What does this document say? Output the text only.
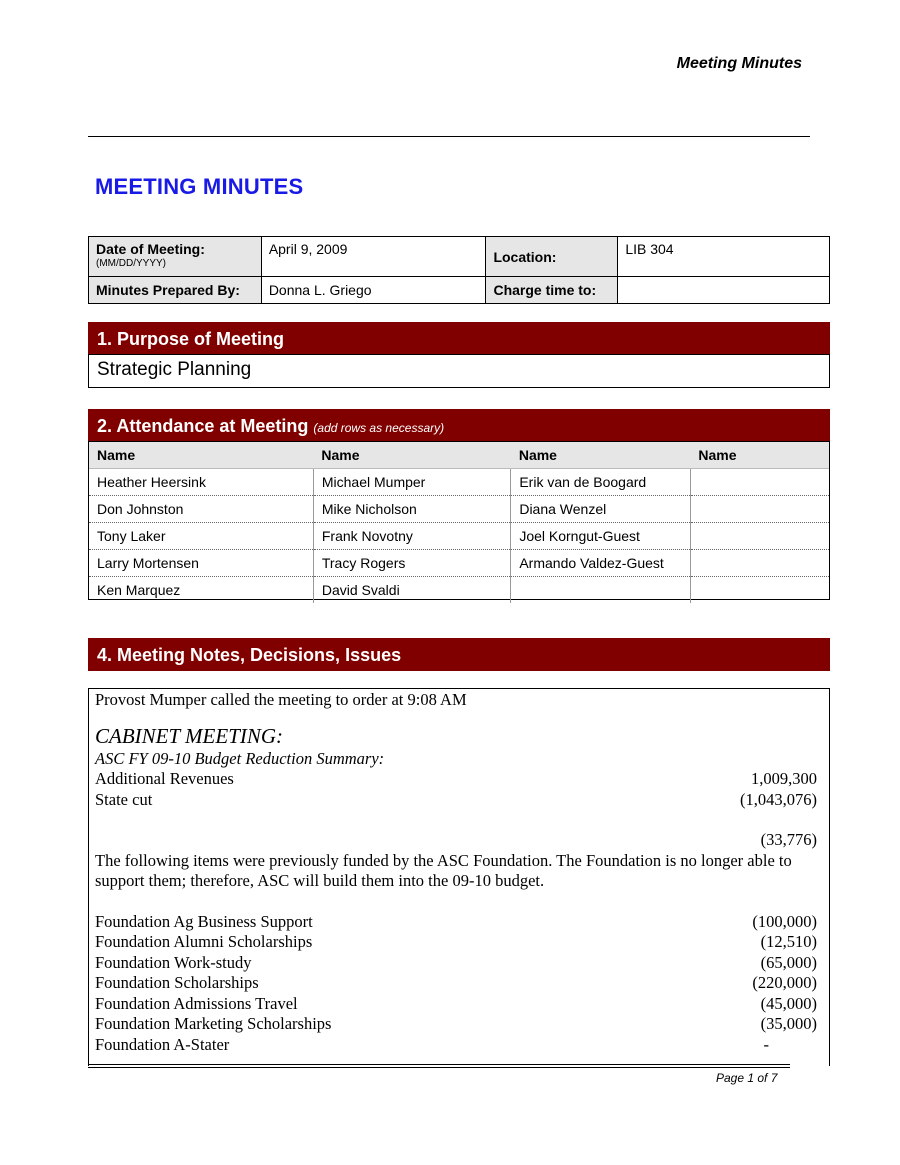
Meeting Minutes
MEETING MINUTES
Date of Meeting:
(MM/DD/YYYY)	April 9, 2009	Location:	LIB 304
Minutes Prepared By:	Donna L. Griego	Charge time to:	
1. Purpose of Meeting
Strategic Planning
2. Attendance at Meeting (add rows as necessary)
Name	Name	Name	Name
Heather Heersink	Michael Mumper	Erik van de Boogard	
Don Johnston	Mike Nicholson	Diana Wenzel	
Tony Laker	Frank Novotny	Joel Korngut-Guest	
Larry Mortensen	Tracy Rogers	Armando Valdez-Guest	
Ken Marquez	David Svaldi		
4. Meeting Notes, Decisions, Issues
Provost Mumper called the meeting to order at 9:08 AM
CABINET MEETING:
ASC FY 09-10 Budget Reduction Summary:
Additional Revenues	1,009,300
State cut	(1,043,076)
(33,776)
The following items were previously funded by the ASC Foundation. The Foundation is no longer able to support them; therefore, ASC will build them into the 09-10 budget.
Foundation Ag Business Support	(100,000)
Foundation Alumni Scholarships	(12,510)
Foundation Work-study	(65,000)
Foundation Scholarships	(220,000)
Foundation Admissions Travel	(45,000)
Foundation Marketing Scholarships	(35,000)
Foundation A-Stater	-
Page 1 of 7
